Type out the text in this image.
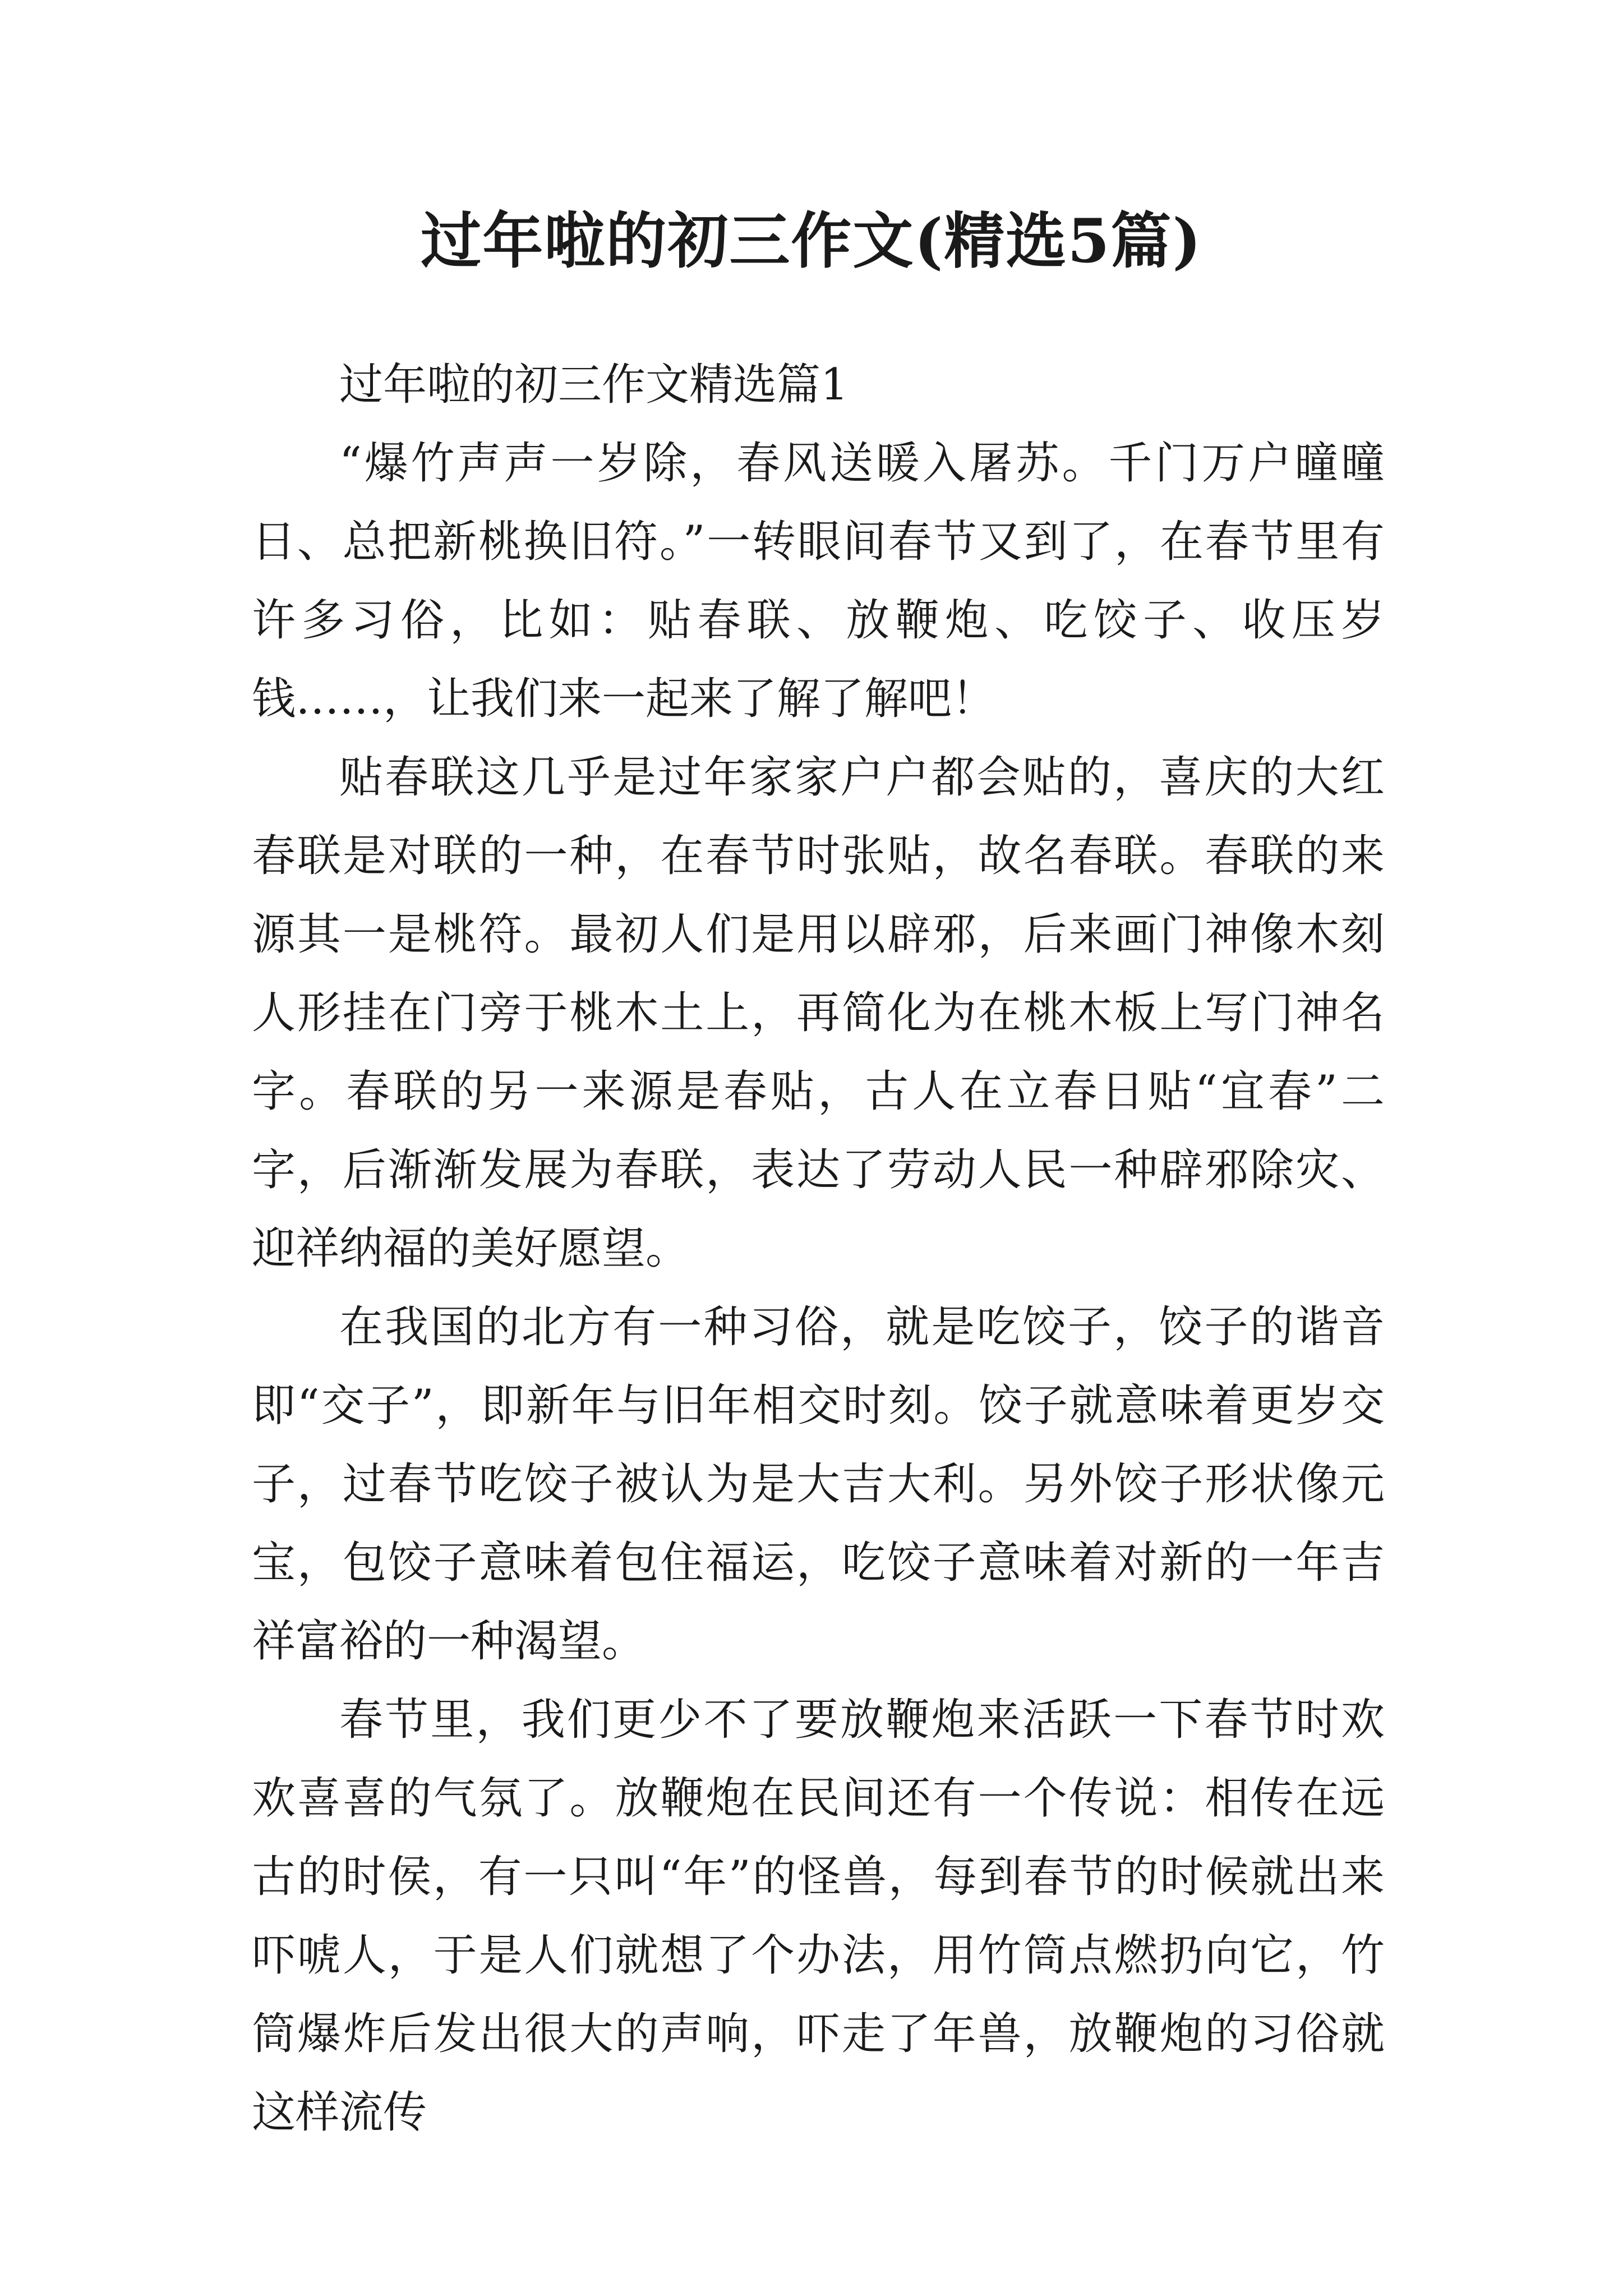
过年啦的初三作文(精选5篇)

过年啦的初三作文精选篇1

“爆竹声声一岁除，春风送暖入屠苏。千门万户曈曈日、总把新桃换旧符。”一转眼间春节又到了，在春节里有许多习俗，比如：贴春联、放鞭炮、吃饺子、收压岁钱……，让我们来一起来了解了解吧！

贴春联这几乎是过年家家户户都会贴的，喜庆的大红春联是对联的一种，在春节时张贴，故名春联。春联的来源其一是桃符。最初人们是用以辟邪，后来画门神像木刻人形挂在门旁于桃木土上，再简化为在桃木板上写门神名字。春联的另一来源是春贴，古人在立春日贴“宜春”二字，后渐渐发展为春联，表达了劳动人民一种辟邪除灾、迎祥纳福的美好愿望。

在我国的北方有一种习俗，就是吃饺子，饺子的谐音即“交子”，即新年与旧年相交时刻。饺子就意味着更岁交子，过春节吃饺子被认为是大吉大利。另外饺子形状像元宝，包饺子意味着包住福运，吃饺子意味着对新的一年吉祥富裕的一种渴望。

春节里，我们更少不了要放鞭炮来活跃一下春节时欢欢喜喜的气氛了。放鞭炮在民间还有一个传说：相传在远古的时侯，有一只叫“年”的怪兽，每到春节的时候就出来吓唬人，于是人们就想了个办法，用竹筒点燃扔向它，竹筒爆炸后发出很大的声响，吓走了年兽，放鞭炮的习俗就这样流传
